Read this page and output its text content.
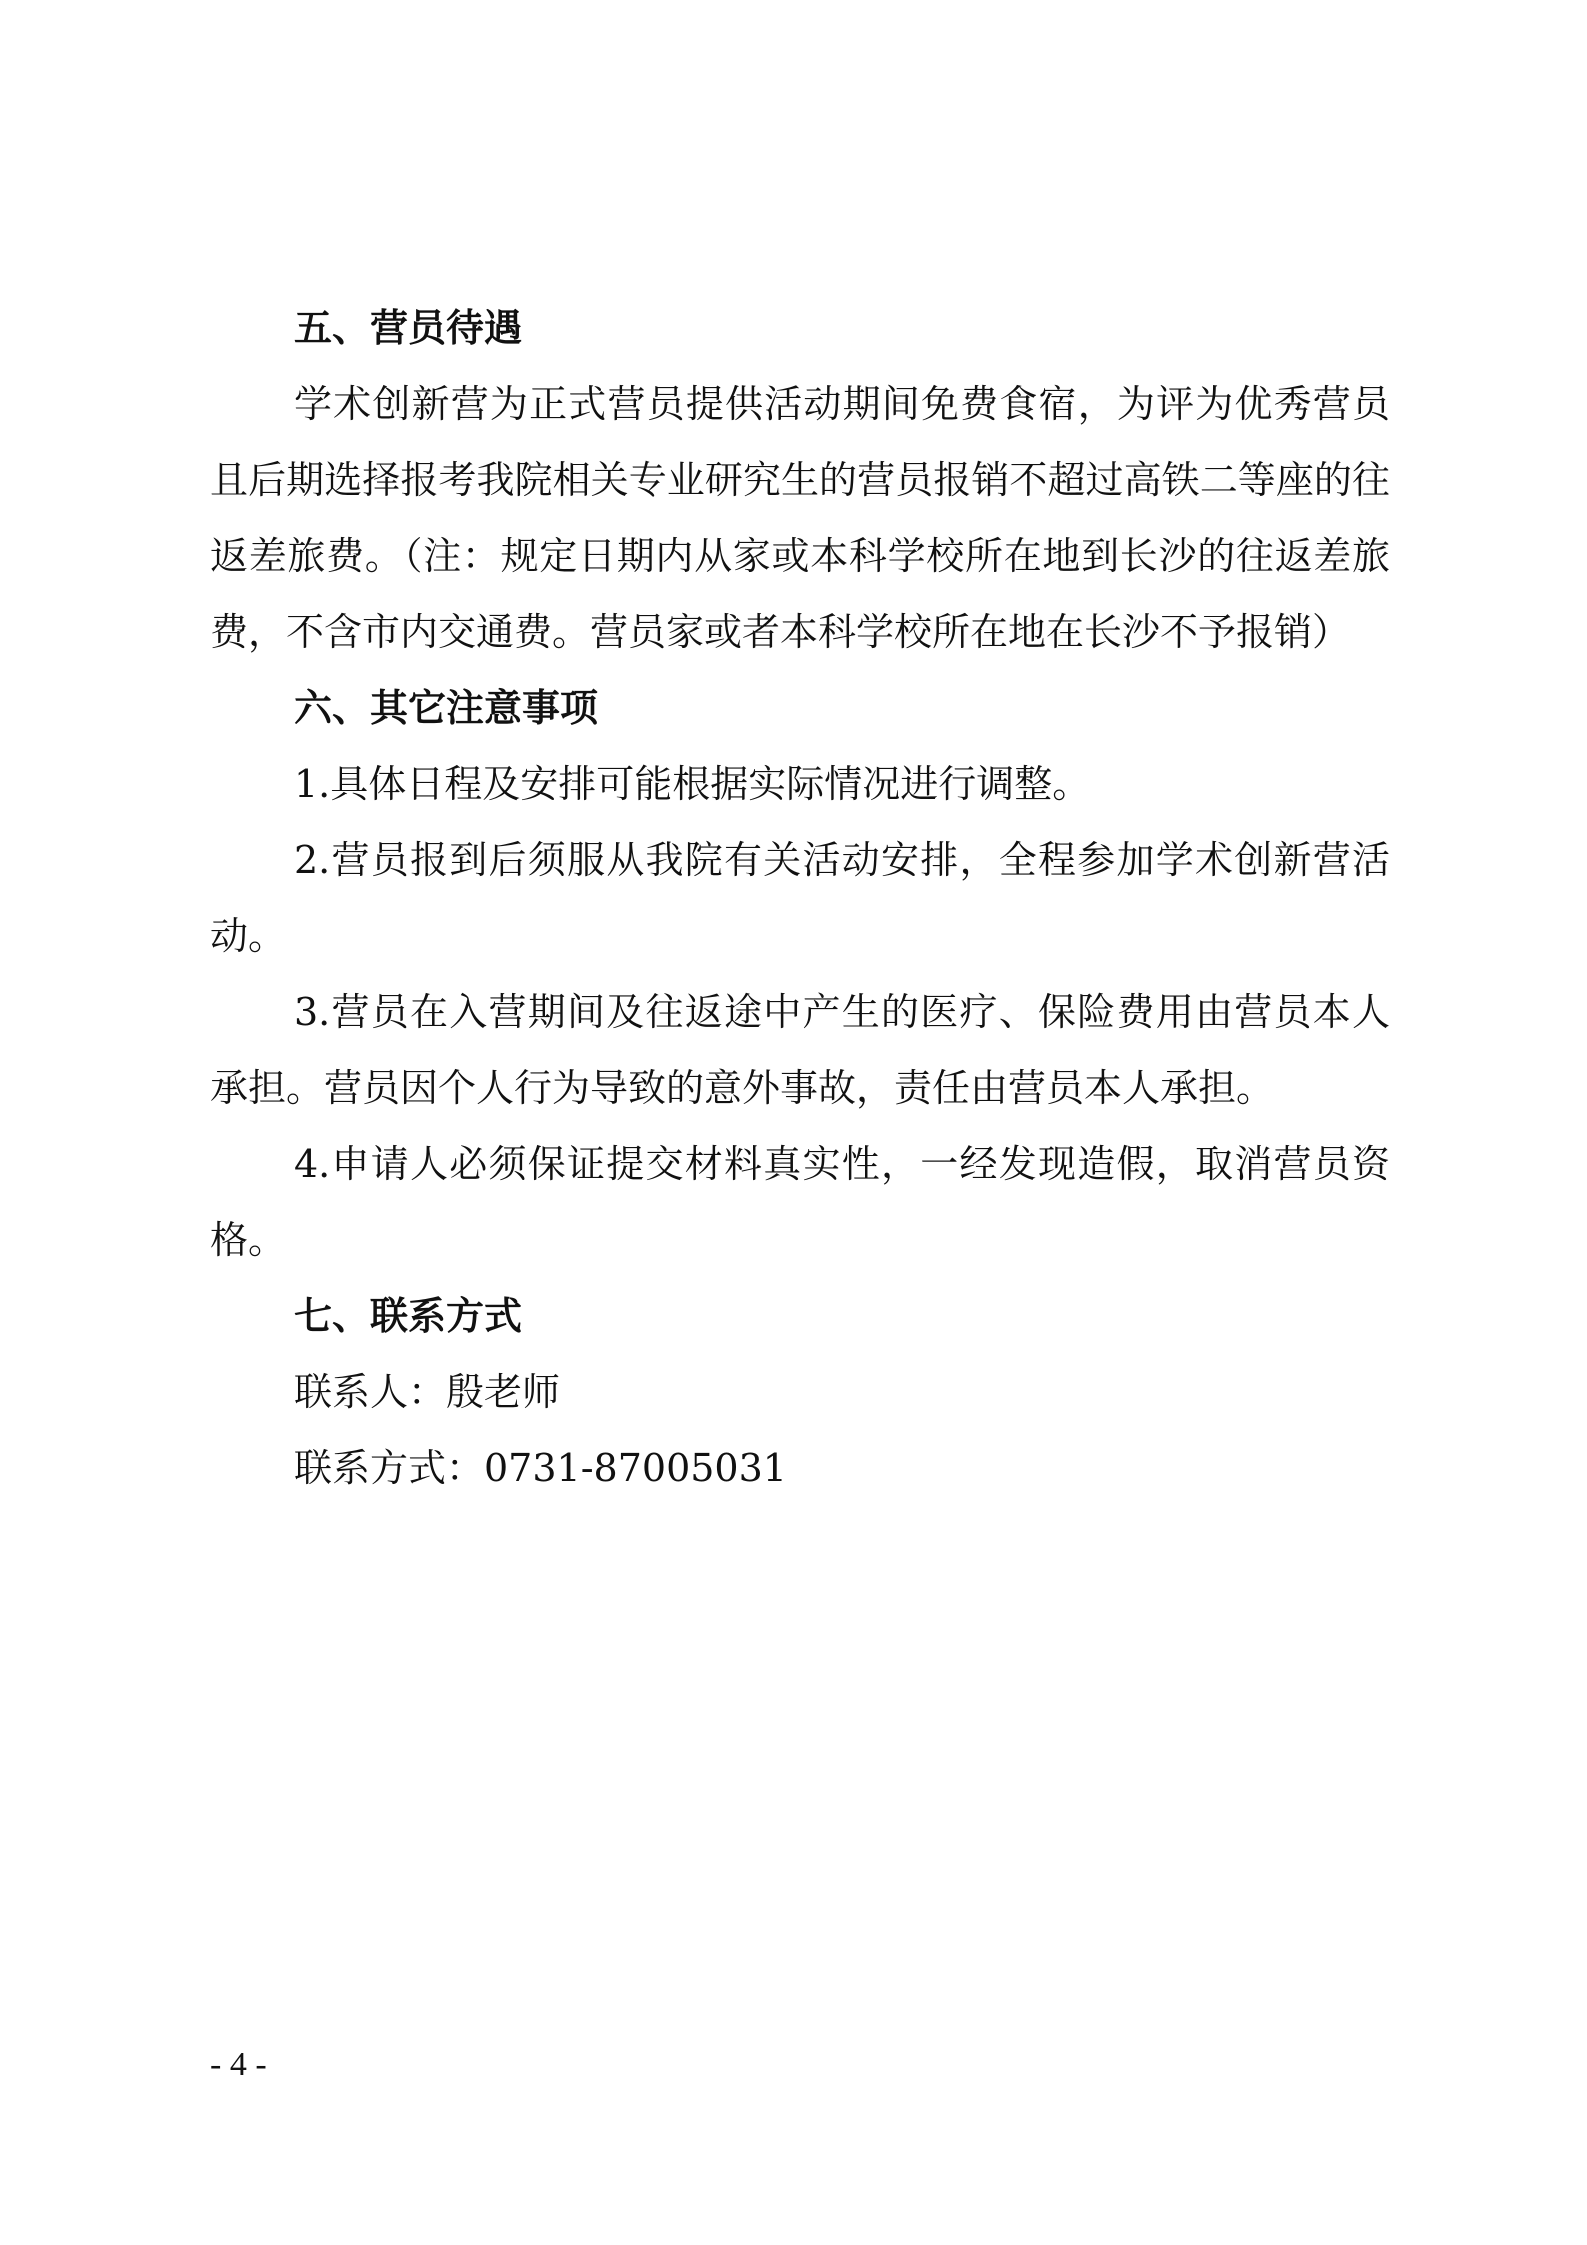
五、营员待遇

学术创新营为正式营员提供活动期间免费食宿，为评为优秀营员且后期选择报考我院相关专业研究生的营员报销不超过高铁二等座的往返差旅费。（注：规定日期内从家或本科学校所在地到长沙的往返差旅费，不含市内交通费。营员家或者本科学校所在地在长沙不予报销）

六、其它注意事项

1.具体日程及安排可能根据实际情况进行调整。

2.营员报到后须服从我院有关活动安排，全程参加学术创新营活动。

3.营员在入营期间及往返途中产生的医疗、保险费用由营员本人承担。营员因个人行为导致的意外事故，责任由营员本人承担。

4.申请人必须保证提交材料真实性，一经发现造假，取消营员资格。

七、联系方式

联系人：殷老师

联系方式：0731-87005031

- 4 -
